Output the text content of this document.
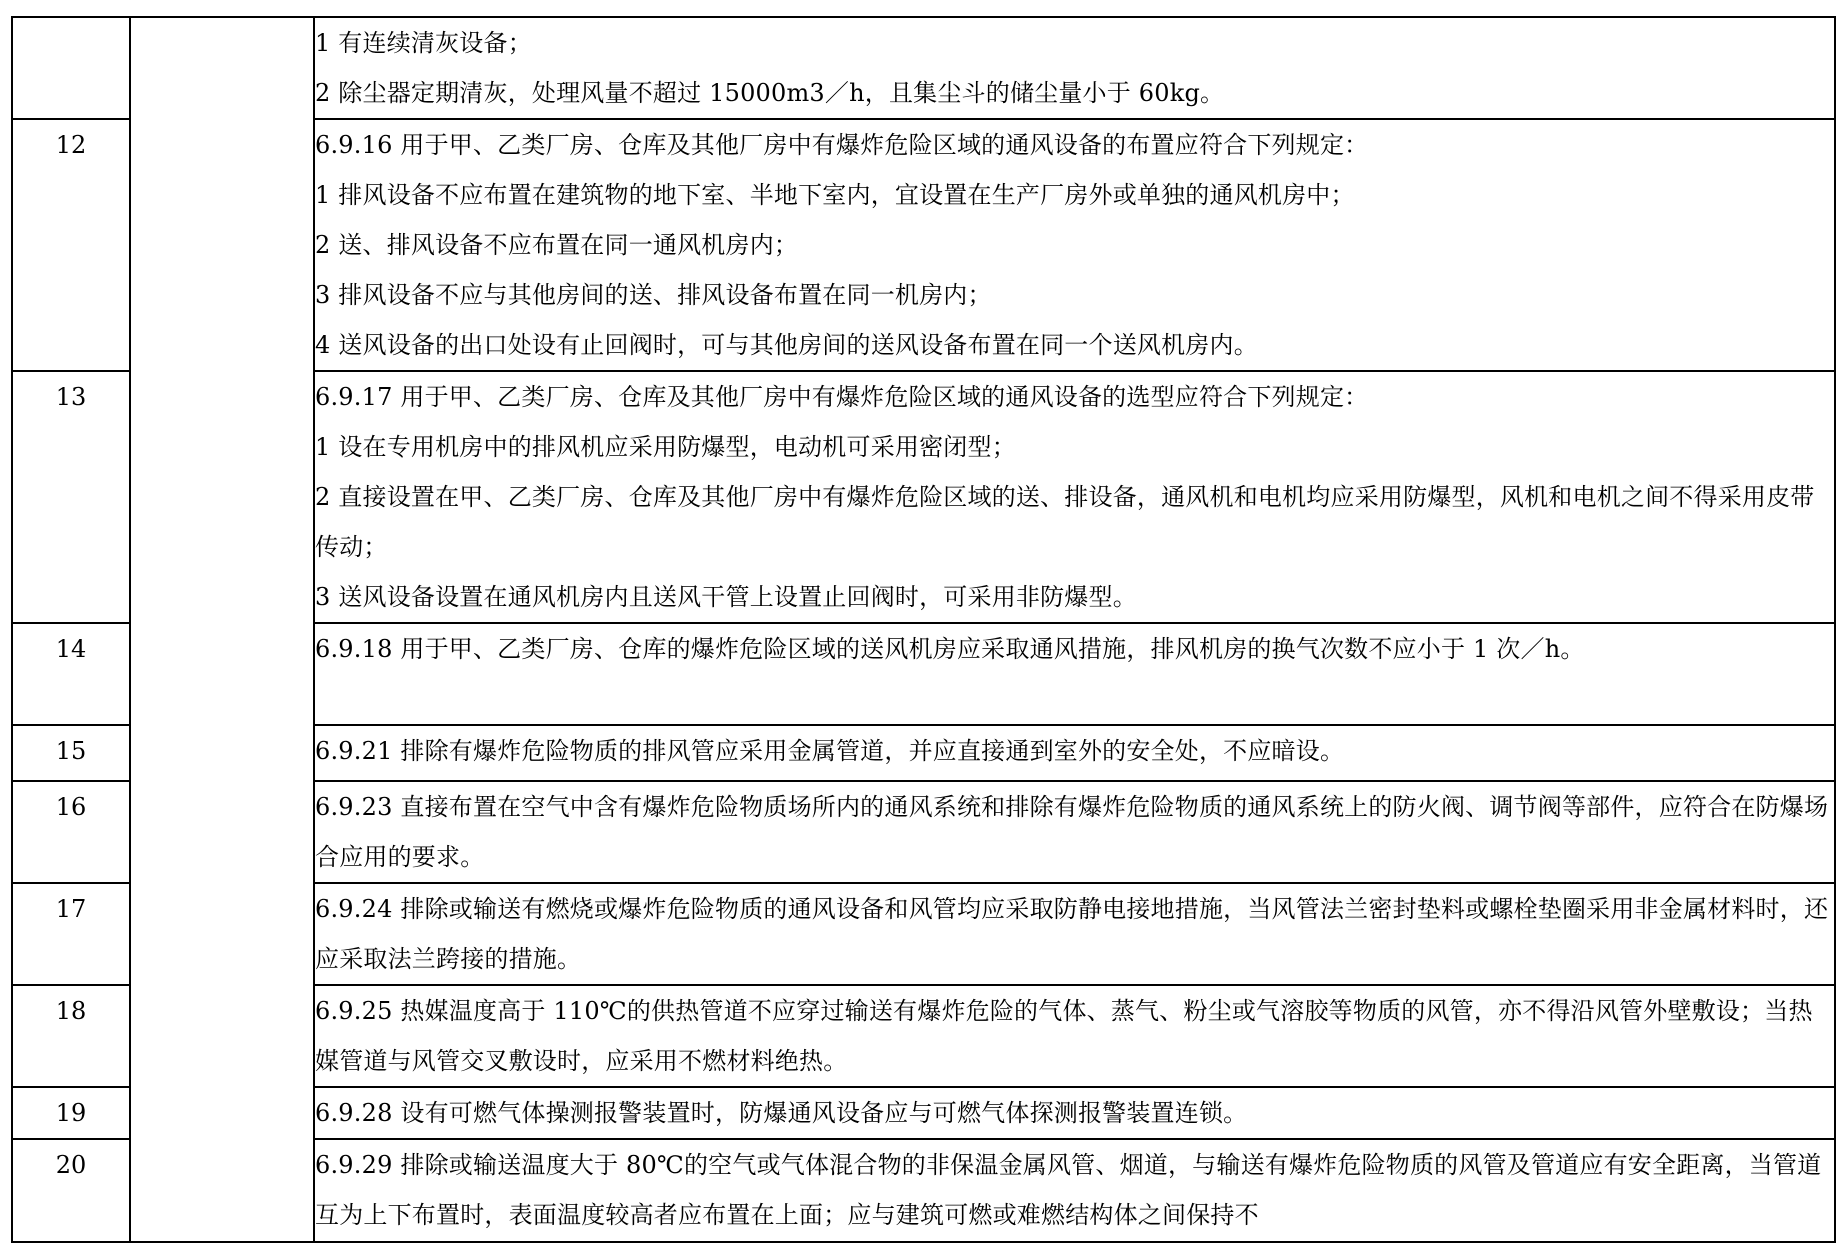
		1 有连续清灰设备；
2 除尘器定期清灰，处理风量不超过 15000m3／h，且集尘斗的储尘量小于 60kg。

12		6.9.16 用于甲、乙类厂房、仓库及其他厂房中有爆炸危险区域的通风设备的布置应符合下列规定：
1 排风设备不应布置在建筑物的地下室、半地下室内，宜设置在生产厂房外或单独的通风机房中；
2 送、排风设备不应布置在同一通风机房内；
3 排风设备不应与其他房间的送、排风设备布置在同一机房内；
4 送风设备的出口处设有止回阀时，可与其他房间的送风设备布置在同一个送风机房内。

13		6.9.17 用于甲、乙类厂房、仓库及其他厂房中有爆炸危险区域的通风设备的选型应符合下列规定：
1 设在专用机房中的排风机应采用防爆型，电动机可采用密闭型；
2 直接设置在甲、乙类厂房、仓库及其他厂房中有爆炸危险区域的送、排设备，通风机和电机均应采用防爆型，风机和电机之间不得采用皮带传动；
3 送风设备设置在通风机房内且送风干管上设置止回阀时，可采用非防爆型。

14		6.9.18 用于甲、乙类厂房、仓库的爆炸危险区域的送风机房应采取通风措施，排风机房的换气次数不应小于 1 次／h。

15		6.9.21 排除有爆炸危险物质的排风管应采用金属管道，并应直接通到室外的安全处，不应暗设。

16		6.9.23 直接布置在空气中含有爆炸危险物质场所内的通风系统和排除有爆炸危险物质的通风系统上的防火阀、调节阀等部件，应符合在防爆场合应用的要求。

17		6.9.24 排除或输送有燃烧或爆炸危险物质的通风设备和风管均应采取防静电接地措施，当风管法兰密封垫料或螺栓垫圈采用非金属材料时，还应采取法兰跨接的措施。

18		6.9.25 热媒温度高于 110℃的供热管道不应穿过输送有爆炸危险的气体、蒸气、粉尘或气溶胶等物质的风管，亦不得沿风管外壁敷设；当热媒管道与风管交叉敷设时，应采用不燃材料绝热。

19		6.9.28 设有可燃气体操测报警装置时，防爆通风设备应与可燃气体探测报警装置连锁。

20		6.9.29 排除或输送温度大于 80℃的空气或气体混合物的非保温金属风管、烟道，与输送有爆炸危险物质的风管及管道应有安全距离，当管道互为上下布置时，表面温度较高者应布置在上面；应与建筑可燃或难燃结构体之间保持不
